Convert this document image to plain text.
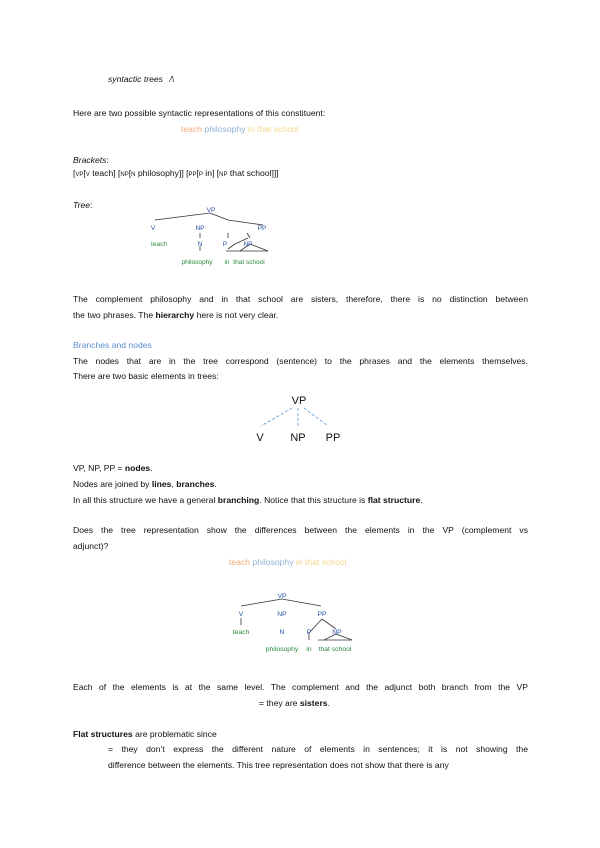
syntactic trees /\
Here are two possible syntactic representations of this constituent:
teach philosophy in that school
Brackets:
[VP[V teach] [NP[N philosophy]] [PP[P in] [NP that school]]]
Tree:
VP
V	NP	PP
N	P	NP
teach
philosophy in that school
The complement philosophy and in that school are sisters, therefore, there is no distinction between
the two phrases. The hierarchy here is not very clear.
Branches and nodes
The nodes that are in the tree correspond (sentence) to the phrases and the elements themselves.
There are two basic elements in trees:
VP
V NP PP
VP, NP, PP = nodes.
Nodes are joined by lines, branches.
In all this structure we have a general branching. Notice that this structure is flat structure.
Does the tree representation show the differences between the elements in the VP (complement vs
adjunct)?
teach philosophy in that school
VP
V	NP	PP
N	P	NP
teach
philosophy in that school
Each of the elements is at the same level. The complement and the adjunct both branch from the VP
= they are sisters.
Flat structures are problematic since
= they don’t express the different nature of elements in sentences; it is not showing the
difference between the elements. This tree representation does not show that there is any
